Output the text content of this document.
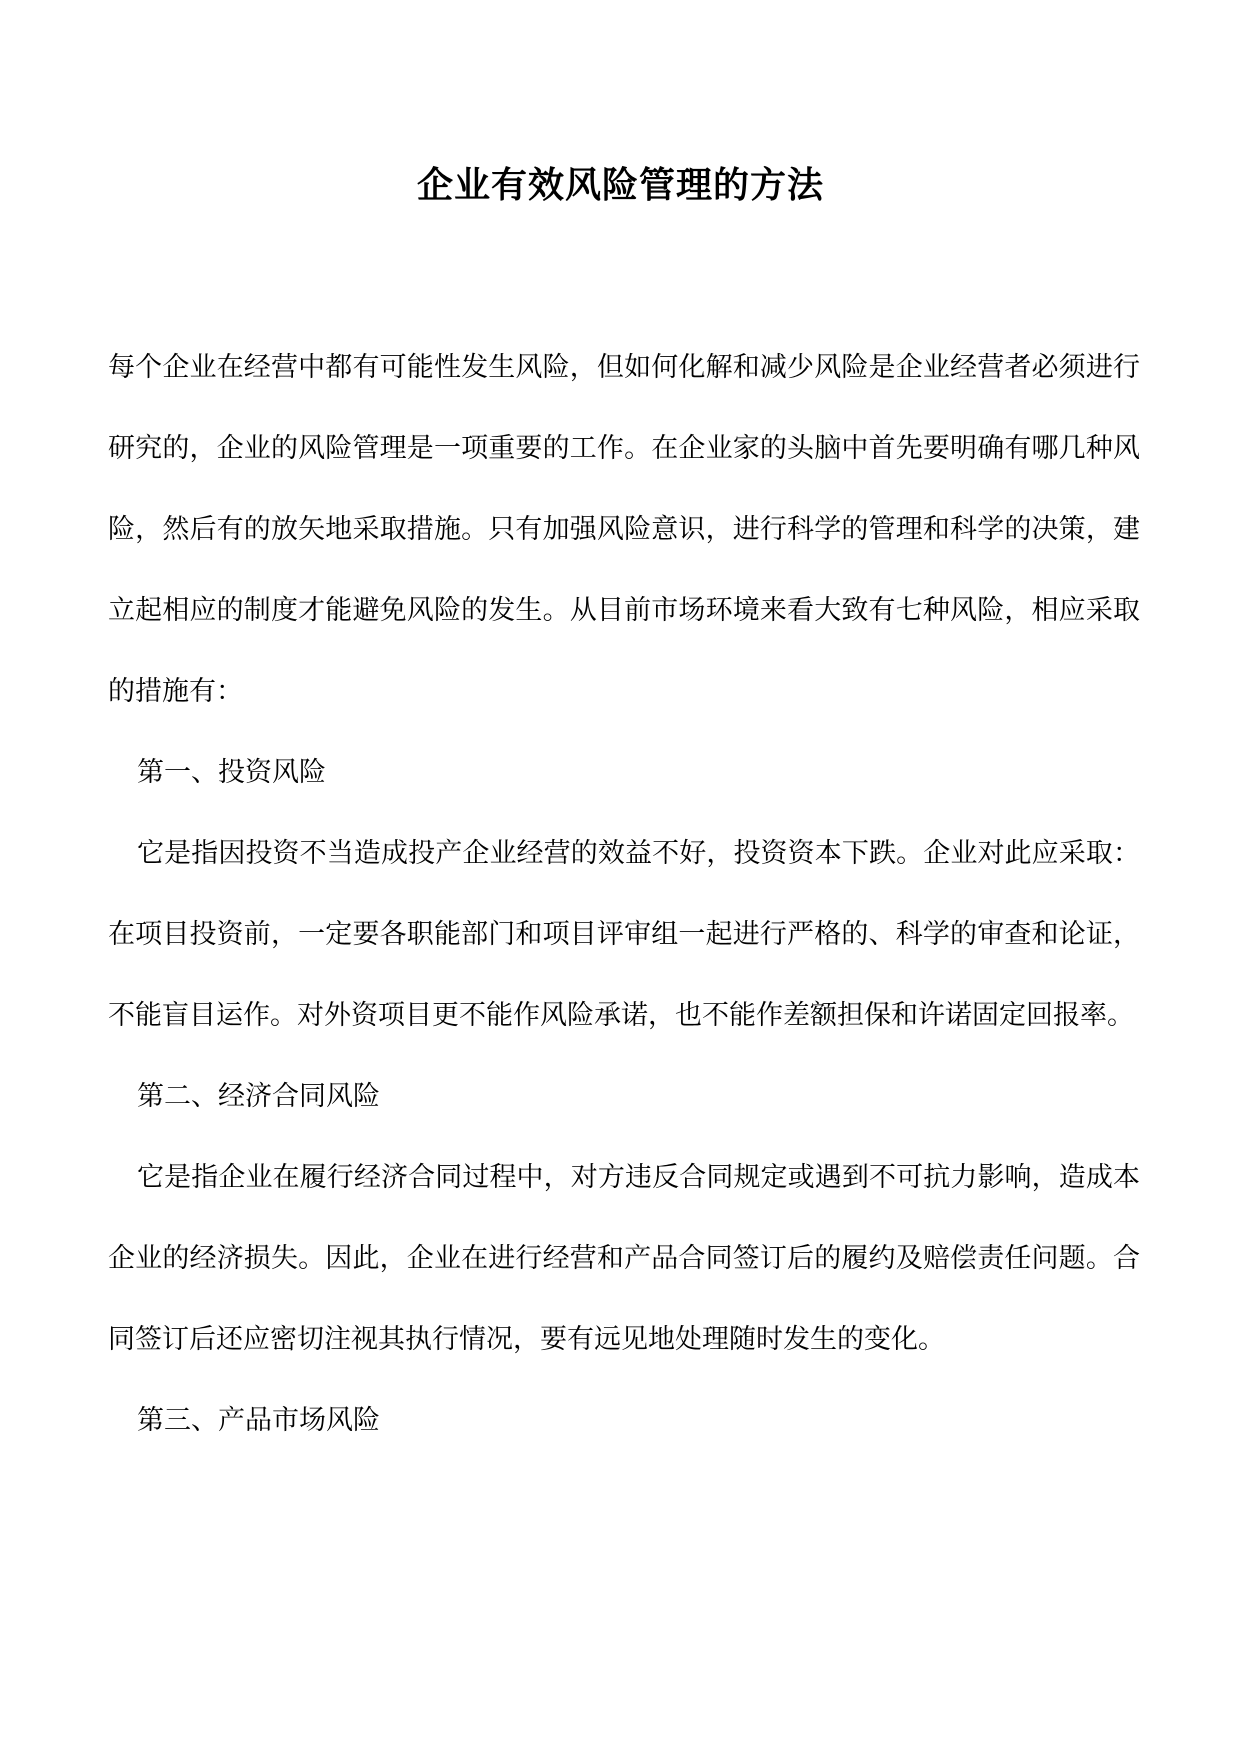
企业有效风险管理的方法

每个企业在经营中都有可能性发生风险，但如何化解和减少风险是企业经营者必须进行研究的，企业的风险管理是一项重要的工作。在企业家的头脑中首先要明确有哪几种风险，然后有的放矢地采取措施。只有加强风险意识，进行科学的管理和科学的决策，建立起相应的制度才能避免风险的发生。从目前市场环境来看大致有七种风险，相应采取的措施有：

第一、投资风险

它是指因投资不当造成投产企业经营的效益不好，投资资本下跌。企业对此应采取：在项目投资前，一定要各职能部门和项目评审组一起进行严格的、科学的审查和论证，不能盲目运作。对外资项目更不能作风险承诺，也不能作差额担保和许诺固定回报率。

第二、经济合同风险

它是指企业在履行经济合同过程中，对方违反合同规定或遇到不可抗力影响，造成本企业的经济损失。因此，企业在进行经营和产品合同签订后的履约及赔偿责任问题。合同签订后还应密切注视其执行情况，要有远见地处理随时发生的变化。

第三、产品市场风险
